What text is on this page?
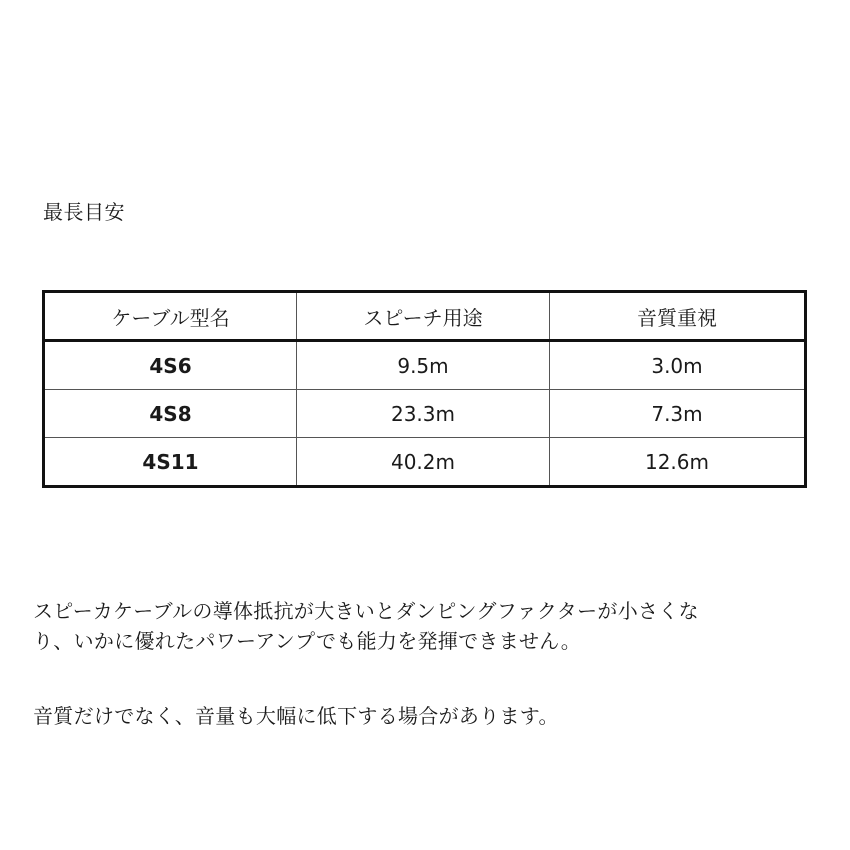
最長目安
ケーブル型名	スピーチ用途	音質重視
4S6	9.5m	3.0m
4S8	23.3m	7.3m
4S11	40.2m	12.6m
スピーカケーブルの導体抵抗が大きいとダンピングファクターが小さくな
り、いかに優れたパワーアンプでも能力を発揮できません。
音質だけでなく、音量も大幅に低下する場合があります。
